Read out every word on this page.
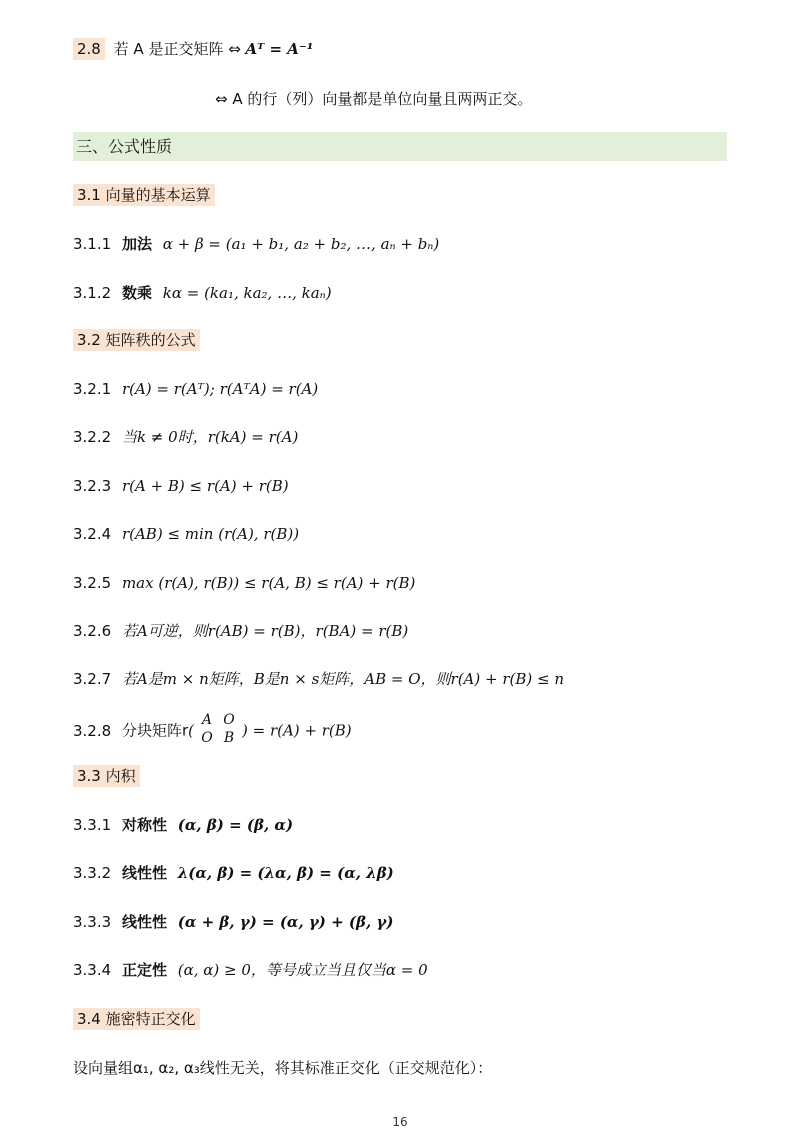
2.8 若 A 是正交矩阵 ⇔ Aᵀ = A⁻¹
⇔ A 的行（列）向量都是单位向量且两两正交。
三、公式性质
3.1 向量的基本运算
3.1.1 加法 α + β = (a₁ + b₁, a₂ + b₂, …, aₙ + bₙ)
3.1.2 数乘 kα = (ka₁, ka₂, …, kaₙ)
3.2 矩阵秩的公式
3.2.1 r(A) = r(Aᵀ); r(AᵀA) = r(A)
3.2.2 当k ≠ 0时，r(kA) = r(A)
3.2.3 r(A + B) ≤ r(A) + r(B)
3.2.4 r(AB) ≤ min (r(A), r(B))
3.2.5 max (r(A), r(B)) ≤ r(A, B) ≤ r(A) + r(B)
3.2.6 若A可逆，则r(AB) = r(B)，r(BA) = r(B)
3.2.7 若A是m × n矩阵，B是n × s矩阵，AB = O，则r(A) + r(B) ≤ n
3.2.8 分块矩阵r(
A O
O B ) = r(A) + r(B)
3.3 内积
3.3.1 对称性 (α, β) = (β, α)
3.3.2 线性性 λ(α, β) = (λα, β) = (α, λβ)
3.3.3 线性性 (α + β, γ) = (α, γ) + (β, γ)
3.3.4 正定性 (α, α) ≥ 0，等号成立当且仅当α = 0
3.4 施密特正交化
设向量组α₁, α₂, α₃线性无关，将其标准正交化（正交规范化）：
16
